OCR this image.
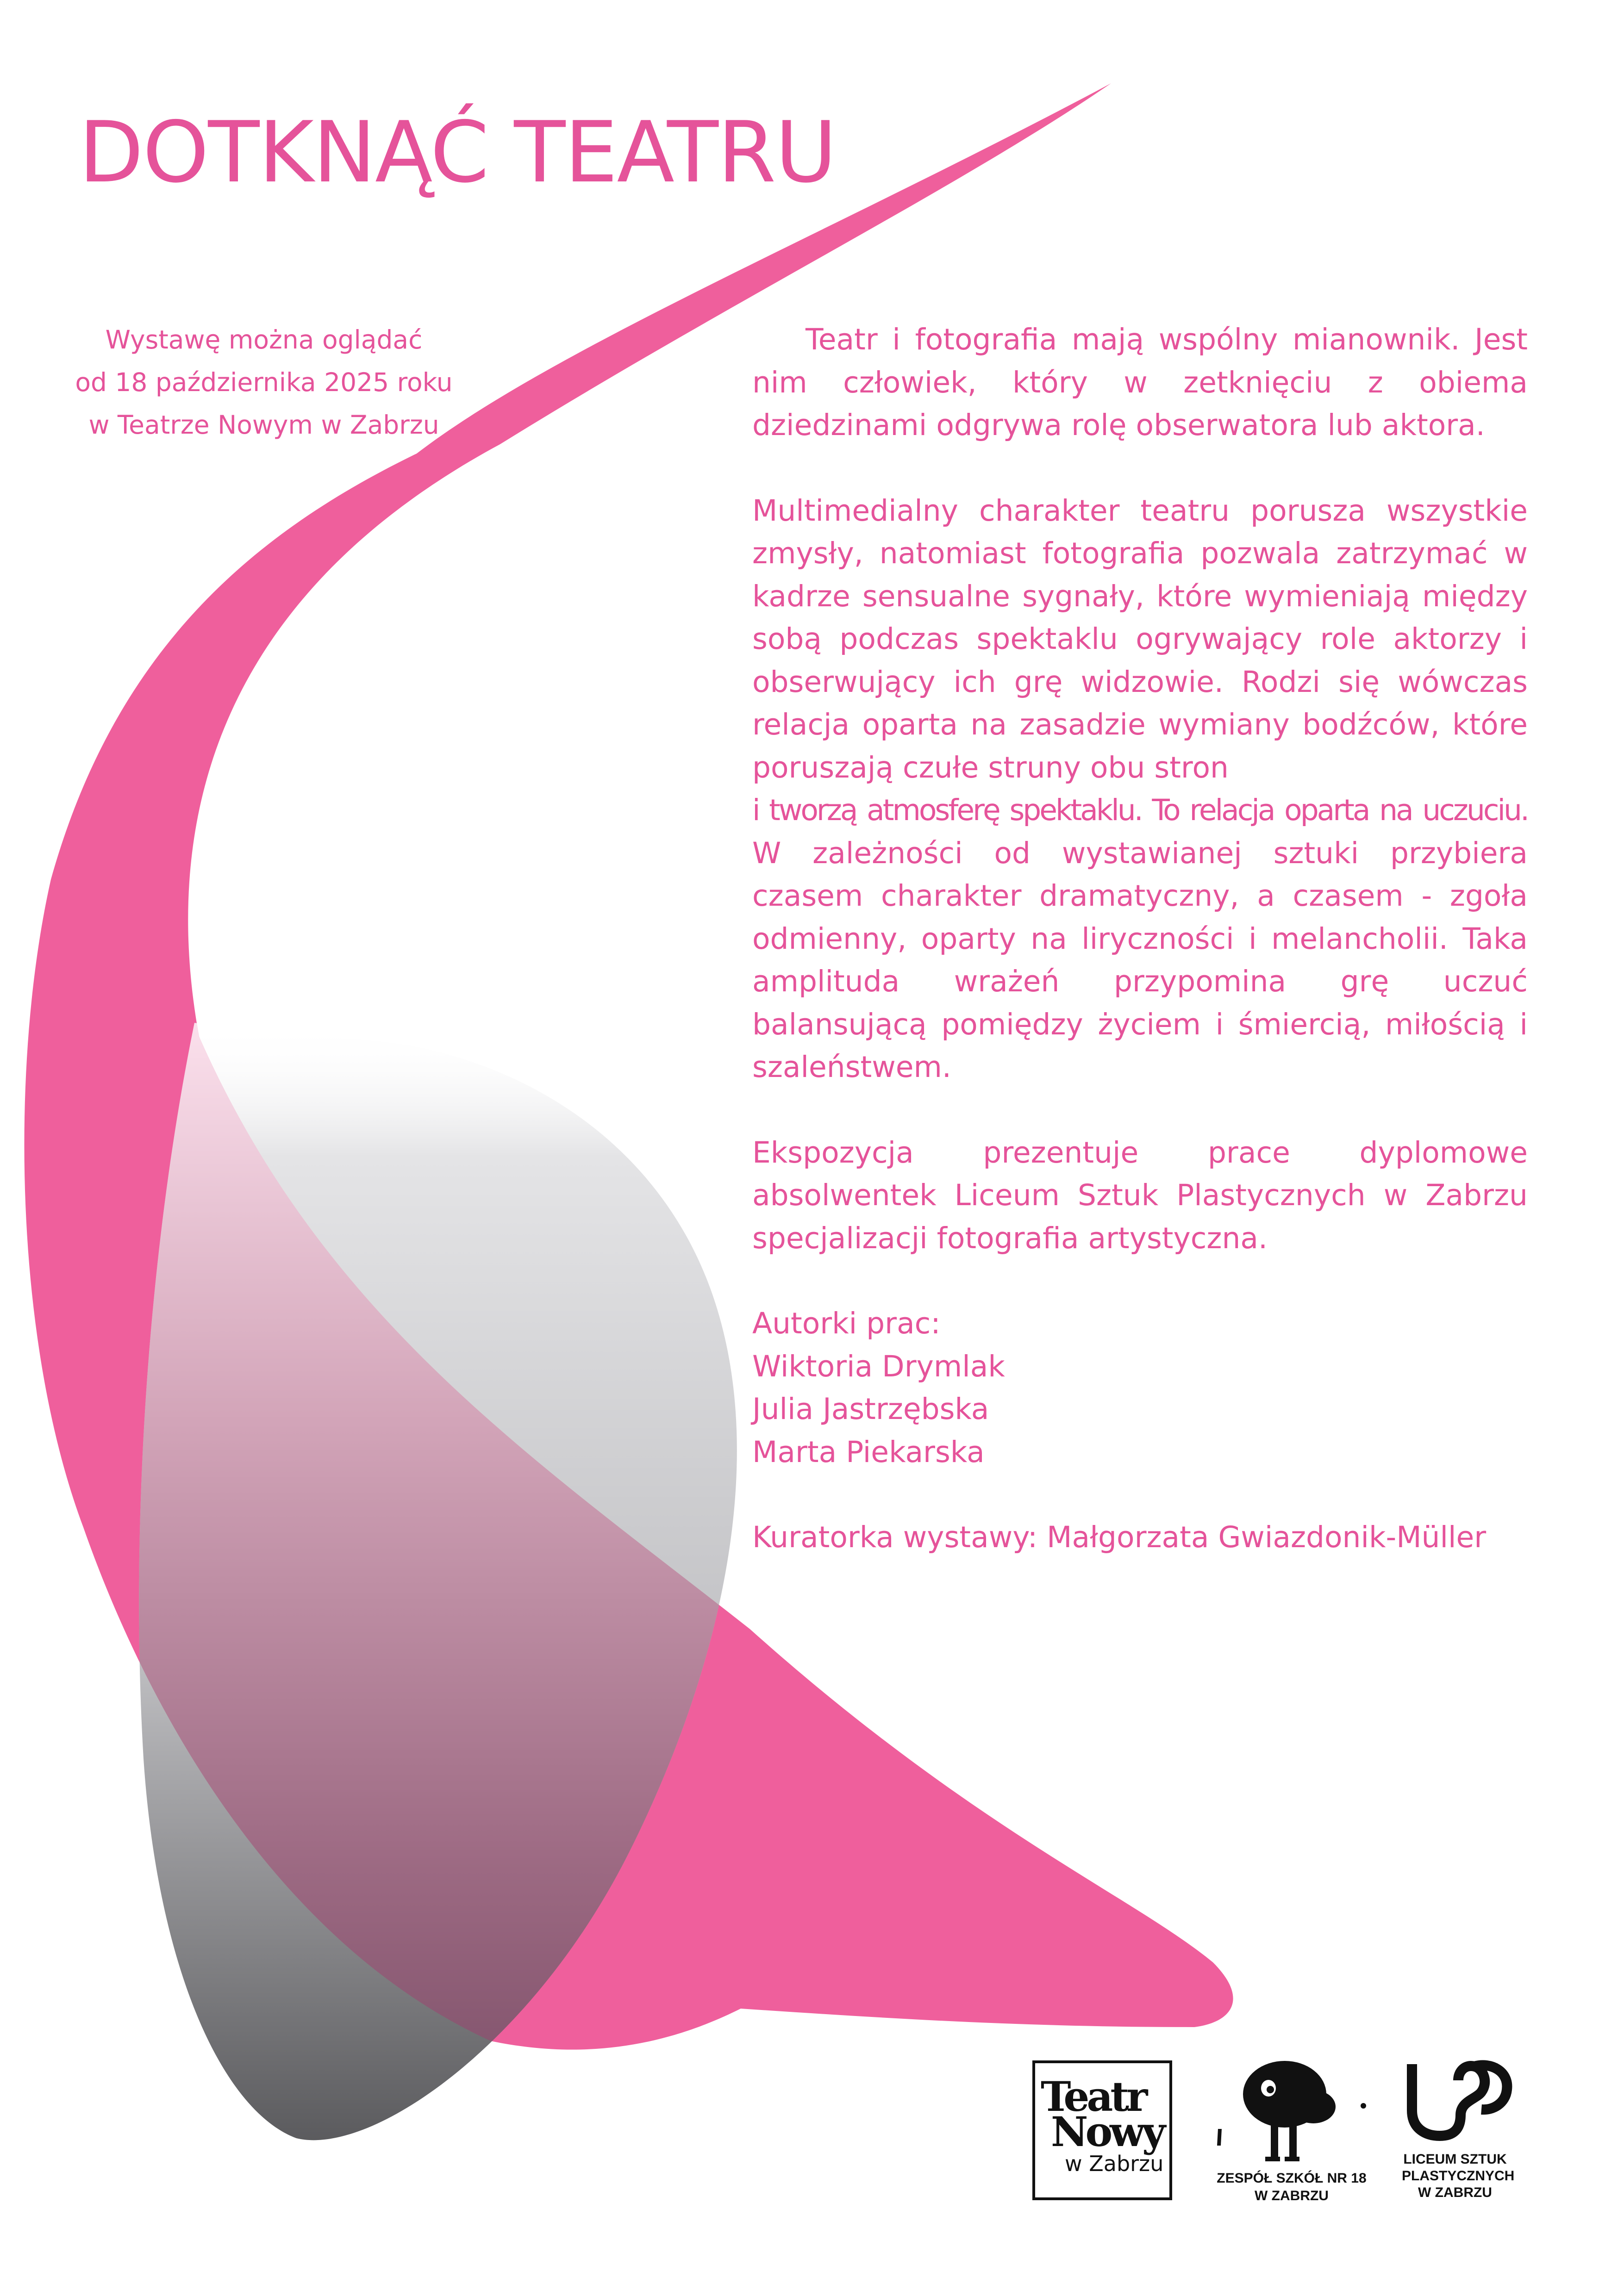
DOTKNĄĆ TEATRU
Wystawę można oglądać
od 18 października 2025 roku
w Teatrze Nowym w Zabrzu

Teatr i fotografia mają wspólny mianownik. Jest nim człowiek, który w zetknięciu z obiema dziedzinami odgrywa rolę obserwatora lub aktora.

Multimedialny charakter teatru porusza wszystkie zmysły, natomiast fotografia pozwala zatrzymać w kadrze sensualne sygnały, które wymieniają między sobą podczas spektaklu ogrywający role aktorzy i obserwujący ich grę widzowie. Rodzi się wówczas relacja oparta na zasadzie wymiany bodźców, które poruszają czułe struny obu stron

i tworzą atmosferę spektaklu. To relacja oparta na uczuciu.

W zależności od wystawianej sztuki przybiera czasem charakter dramatyczny, a czasem - zgoła odmienny, oparty na liryczności i melancholii. Taka amplituda wrażeń przypomina grę uczuć balansującą pomiędzy życiem i śmiercią, miłością i szaleństwem.

Ekspozycja prezentuje prace dyplomowe absolwentek Liceum Sztuk Plastycznych w Zabrzu specjalizacji fotografia artystyczna.

Autorki prac:
Wiktoria Drymlak
Julia Jastrzębska
Marta Piekarska
Kuratorka wystawy: Małgorzata Gwiazdonik-Müller
Teatr
Nowy
w Zabrzu
ZESPÓŁ SZKÓŁ NR 18
W ZABRZU
LICEUM SZTUK
PLASTYCZNYCH
W ZABRZU
